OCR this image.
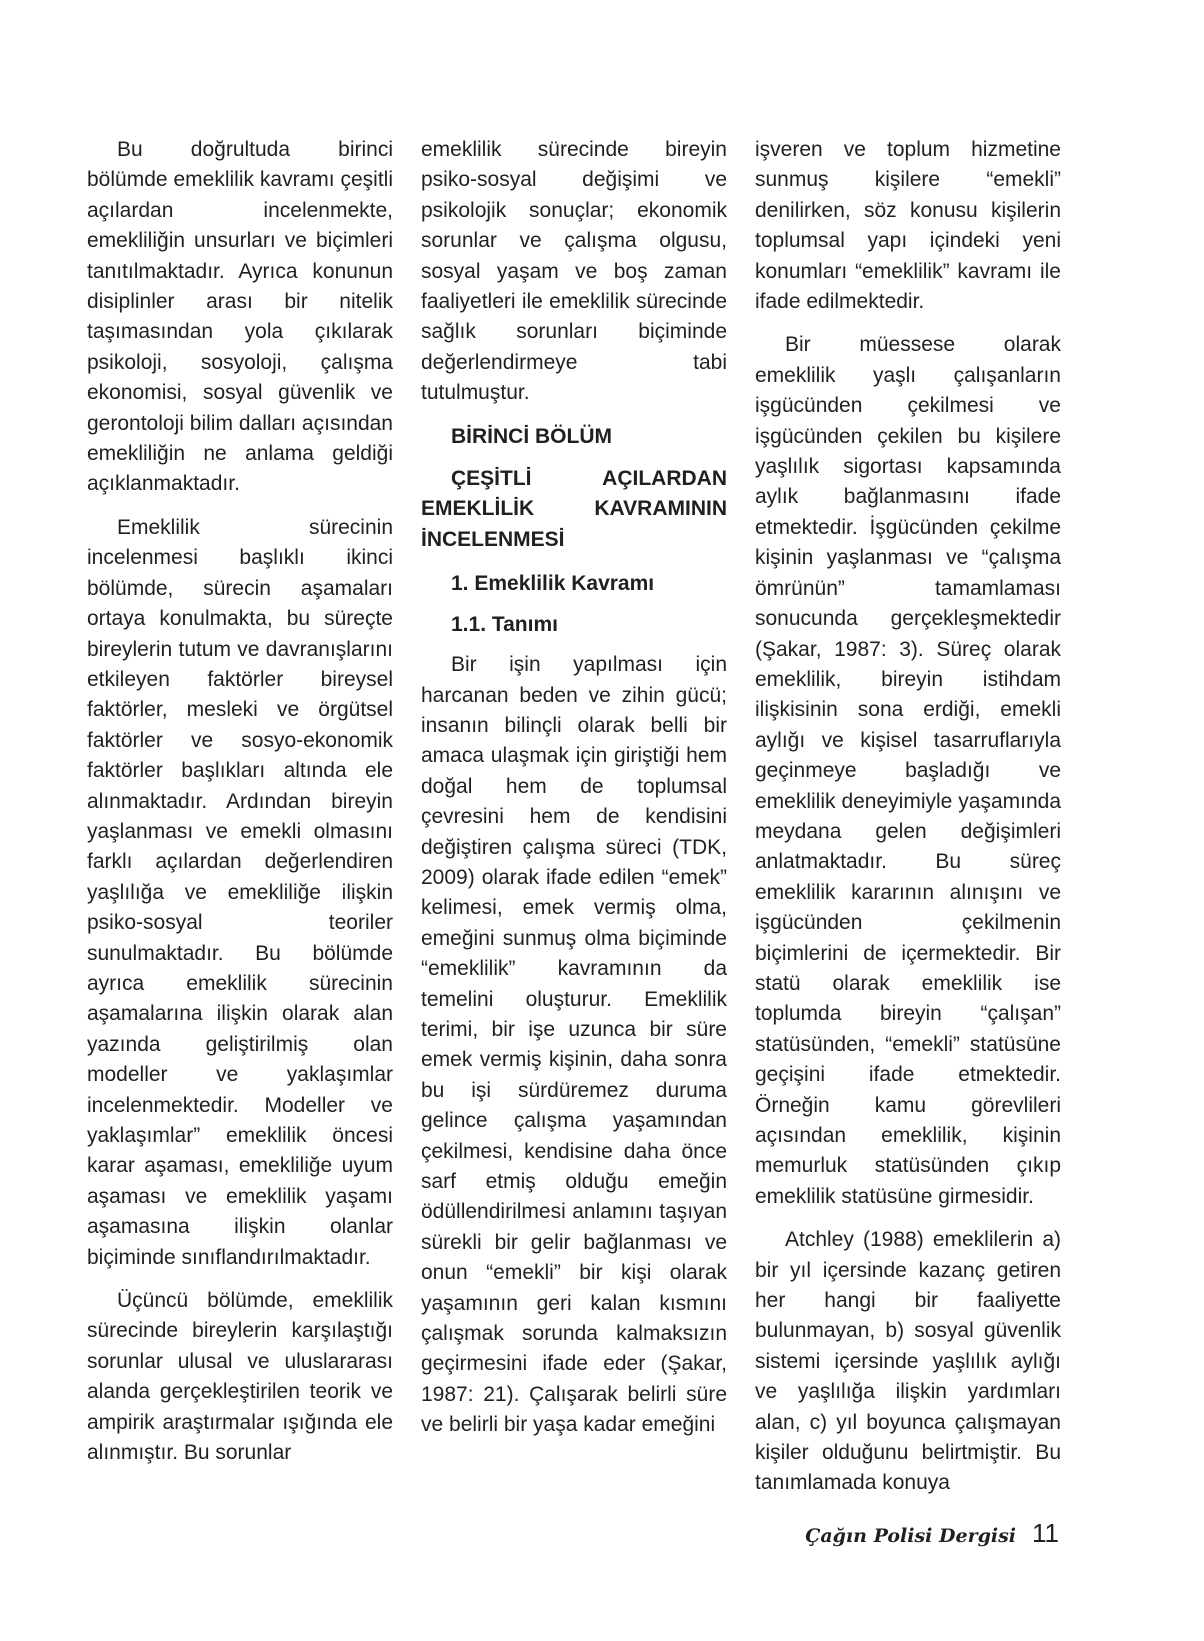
Bu doğrultuda birinci bölümde emeklilik kavramı çeşitli açılardan incelenmekte, emekliliğin unsurları ve biçimleri tanıtılmaktadır. Ayrıca konunun disiplinler arası bir nitelik taşımasından yola çıkılarak psikoloji, sosyoloji, çalışma ekonomisi, sosyal güvenlik ve gerontoloji bilim dalları açısından emekliliğin ne anlama geldiği açıklanmaktadır.

Emeklilik sürecinin incelenmesi başlıklı ikinci bölümde, sürecin aşamaları ortaya konulmakta, bu süreçte bireylerin tutum ve davranışlarını etkileyen faktörler bireysel faktörler, mesleki ve örgütsel faktörler ve sosyo-ekonomik faktörler başlıkları altında ele alınmaktadır. Ardından bireyin yaşlanması ve emekli olmasını farklı açılardan değerlendiren yaşlılığa ve emekliliğe ilişkin psiko-sosyal teoriler sunulmaktadır. Bu bölümde ayrıca emeklilik sürecinin aşamalarına ilişkin olarak alan yazında geliştirilmiş olan modeller ve yaklaşımlar incelenmektedir. Modeller ve yaklaşımlar” emeklilik öncesi karar aşaması, emekliliğe uyum aşaması ve emeklilik yaşamı aşamasına ilişkin olanlar biçiminde sınıflandırılmaktadır.

Üçüncü bölümde, emeklilik sürecinde bireylerin karşılaştığı sorunlar ulusal ve uluslararası alanda gerçekleştirilen teorik ve ampirik araştırmalar ışığında ele alınmıştır. Bu sorunlar

emeklilik sürecinde bireyin psiko-sosyal değişimi ve psikolojik sonuçlar; ekonomik sorunlar ve çalışma olgusu, sosyal yaşam ve boş zaman faaliyetleri ile emeklilik sürecinde sağlık sorunları biçiminde değerlendirmeye tabi tutulmuştur.

BİRİNCİ BÖLÜM
ÇEŞİTLİ AÇILARDAN EMEKLİLİK KAVRAMININ İNCELENMESİ
1. Emeklilik Kavramı
1.1. Tanımı

Bir işin yapılması için harcanan beden ve zihin gücü; insanın bilinçli olarak belli bir amaca ulaşmak için giriştiği hem doğal hem de toplumsal çevresini hem de kendisini değiştiren çalışma süreci (TDK, 2009) olarak ifade edilen “emek” kelimesi, emek vermiş olma, emeğini sunmuş olma biçiminde “emeklilik” kavramının da temelini oluşturur. Emeklilik terimi, bir işe uzunca bir süre emek vermiş kişinin, daha sonra bu işi sürdüremez duruma gelince çalışma yaşamından çekilmesi, kendisine daha önce sarf etmiş olduğu emeğin ödüllendirilmesi anlamını taşıyan sürekli bir gelir bağlanması ve onun “emekli” bir kişi olarak yaşamının geri kalan kısmını çalışmak sorunda kalmaksızın geçirmesini ifade eder (Şakar, 1987: 21). Çalışarak belirli süre ve belirli bir yaşa kadar emeğini

işveren ve toplum hizmetine sunmuş kişilere “emekli” denilirken, söz konusu kişilerin toplumsal yapı içindeki yeni konumları “emeklilik” kavramı ile ifade edilmektedir.

Bir müessese olarak emeklilik yaşlı çalışanların işgücünden çekilmesi ve işgücünden çekilen bu kişilere yaşlılık sigortası kapsamında aylık bağlanmasını ifade etmektedir. İşgücünden çekilme kişinin yaşlanması ve “çalışma ömrünün” tamamlaması sonucunda gerçekleşmektedir (Şakar, 1987: 3). Süreç olarak emeklilik, bireyin istihdam ilişkisinin sona erdiği, emekli aylığı ve kişisel tasarruflarıyla geçinmeye başladığı ve emeklilik deneyimiyle yaşamında meydana gelen değişimleri anlatmaktadır. Bu süreç emeklilik kararının alınışını ve işgücünden çekilmenin biçimlerini de içermektedir. Bir statü olarak emeklilik ise toplumda bireyin “çalışan” statüsünden, “emekli” statüsüne geçişini ifade etmektedir. Örneğin kamu görevlileri açısından emeklilik, kişinin memurluk statüsünden çıkıp emeklilik statüsüne girmesidir.

Atchley (1988) emeklilerin a) bir yıl içersinde kazanç getiren her hangi bir faaliyette bulunmayan, b) sosyal güvenlik sistemi içersinde yaşlılık aylığı ve yaşlılığa ilişkin yardımları alan, c) yıl boyunca çalışmayan kişiler olduğunu belirtmiştir. Bu tanımlamada konuya

Çağın Polisi Dergisi 11
